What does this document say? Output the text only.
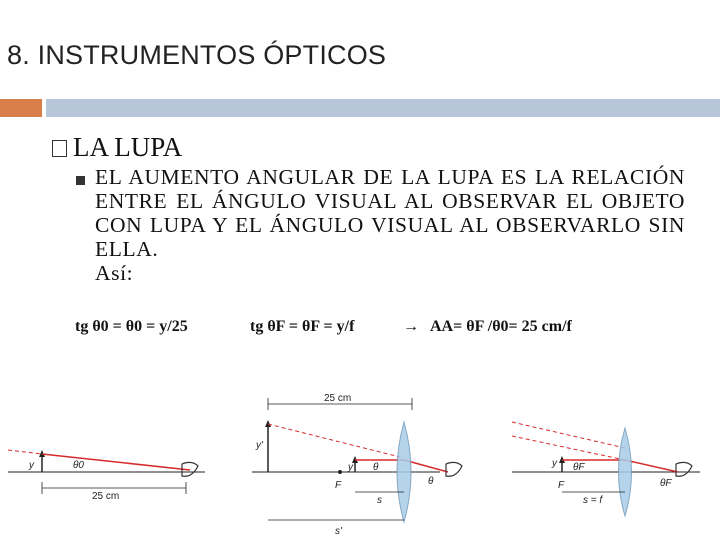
8. INSTRUMENTOS ÓPTICOS
LA LUPA
EL AUMENTO ANGULAR DE LA LUPA ES LA RELACIÓN ENTRE EL ÁNGULO VISUAL AL OBSERVAR EL OBJETO CON LUPA Y EL ÁNGULO VISUAL AL OBSERVARLO SIN ELLA.
Así:
tg θ0 = θ0 = y/25	tg θF = θF = y/f	→ AA= θF /θ0= 25 cm/f
y	θ0
25 cm
25 cm
y'
y
F
θ
θ
s
s'
y
F
θF
θF
s = f
